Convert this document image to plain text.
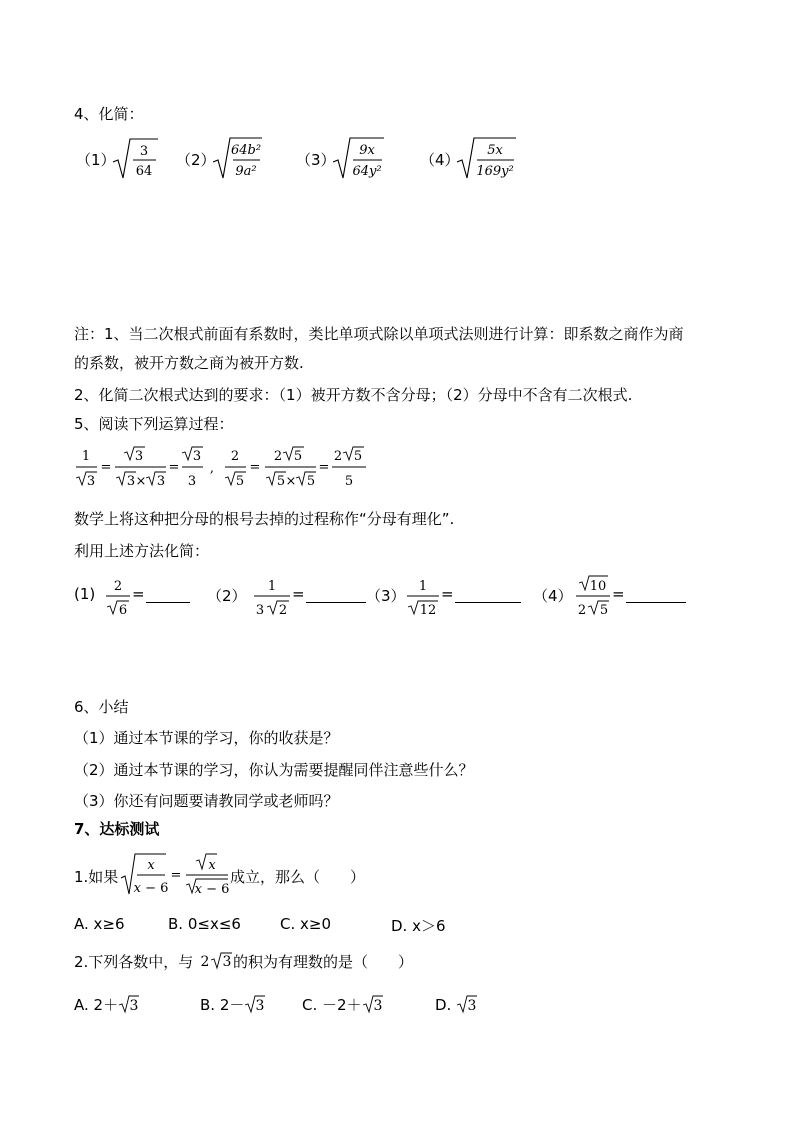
4、化简：
（1） 3
64
（2）
64b²
9a²
（3）
9x
64y²
（4）
5x
169y²
注：1、当二次根式前面有系数时，类比单项式除以单项式法则进行计算：即系数之商作为商
的系数，被开方数之商为被开方数.
2、化简二次根式达到的要求：（1）被开方数不含分母；（2）分母中不含有二次根式.
5、阅读下列运算过程：
1
3
=
3
3 × 3
=
3
3
,
2
5
=
2 5
5 × 5
=
2 5
5
数学上将这种把分母的根号去掉的过程称作“分母有理化”.
利用上述方法化简：
(1) 2
6
=	（2）
1
3 2
=	（3）
1
12
=	（4）
10
2 5
=
6、小结
（1）通过本节课的学习，你的收获是？
（2）通过本节课的学习，你认为需要提醒同伴注意些什么？
（3）你还有问题要请教同学或老师吗？
7、达标测试
1.如果
x
x − 6
=
x
x − 6
成立，那么（　　）
A. x≥6	B. 0≤x≤6	C. x≥0	D. x＞6
2.下列各数中，与 2 3 的积为有理数的是（　　）
A. 2＋ 3	B. 2－ 3 C. －2＋ 3	D. 3
